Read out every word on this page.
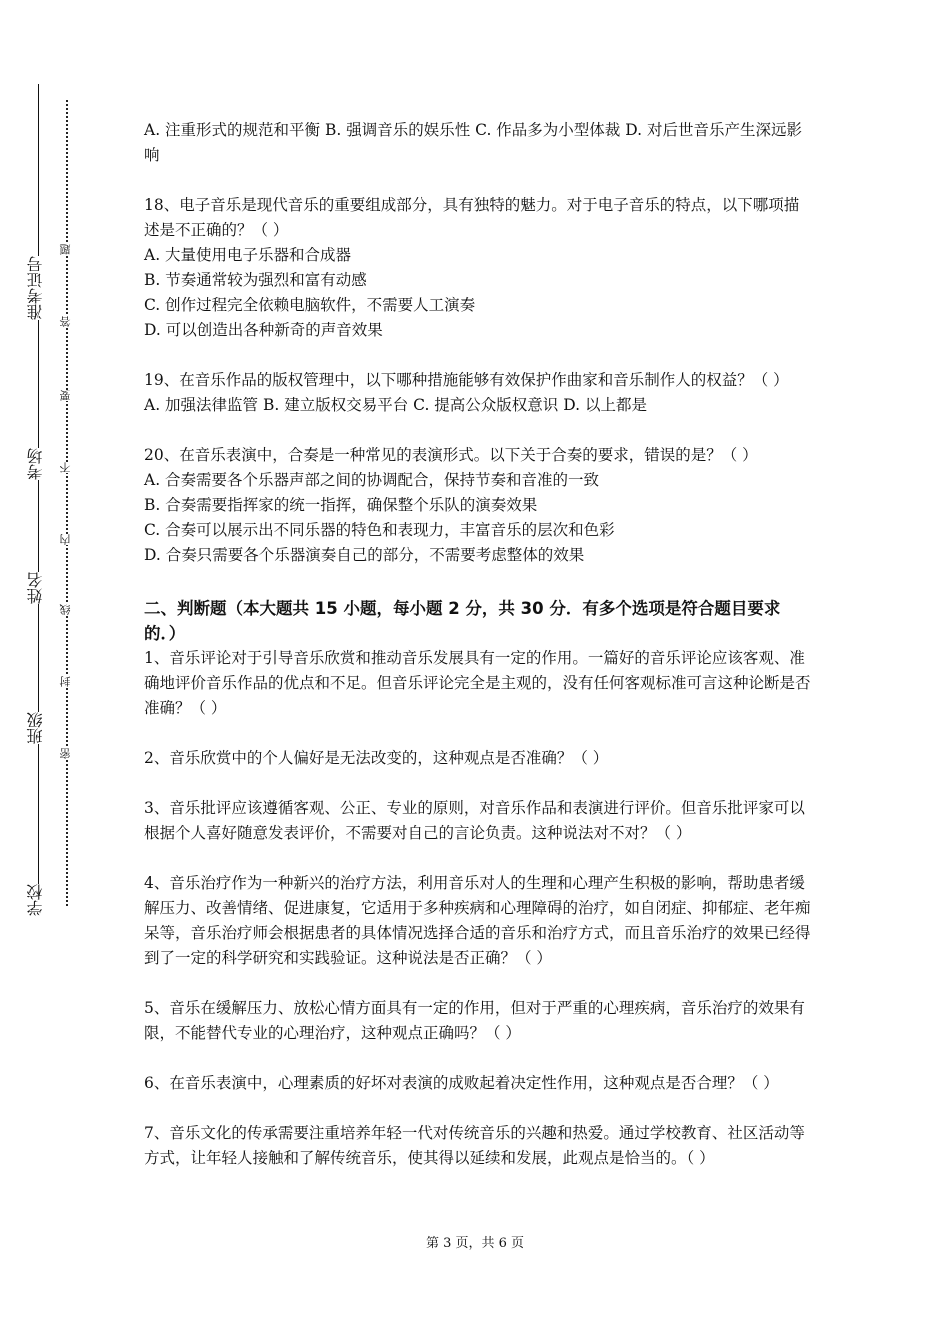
准考证号
考场
姓名
班级
学校
题
答
要
不
内
线
封
密

A. 注重形式的规范和平衡 B. 强调音乐的娱乐性 C. 作品多为小型体裁 D. 对后世音乐产生深远影响

18、电子音乐是现代音乐的重要组成部分，具有独特的魅力。对于电子音乐的特点，以下哪项描述是不正确的？（ ）

A. 大量使用电子乐器和合成器

B. 节奏通常较为强烈和富有动感

C. 创作过程完全依赖电脑软件，不需要人工演奏

D. 可以创造出各种新奇的声音效果

19、在音乐作品的版权管理中，以下哪种措施能够有效保护作曲家和音乐制作人的权益？（ ）

A. 加强法律监管 B. 建立版权交易平台 C. 提高公众版权意识 D. 以上都是

20、在音乐表演中，合奏是一种常见的表演形式。以下关于合奏的要求，错误的是？（ ）

A. 合奏需要各个乐器声部之间的协调配合，保持节奏和音准的一致

B. 合奏需要指挥家的统一指挥，确保整个乐队的演奏效果

C. 合奏可以展示出不同乐器的特色和表现力，丰富音乐的层次和色彩

D. 合奏只需要各个乐器演奏自己的部分，不需要考虑整体的效果

二、判断题（本大题共 15 小题，每小题 2 分，共 30 分．有多个选项是符合题目要求的．）

1、音乐评论对于引导音乐欣赏和推动音乐发展具有一定的作用。一篇好的音乐评论应该客观、准确地评价音乐作品的优点和不足。但音乐评论完全是主观的，没有任何客观标准可言这种论断是否准确？（ ）

2、音乐欣赏中的个人偏好是无法改变的，这种观点是否准确？（ ）

3、音乐批评应该遵循客观、公正、专业的原则，对音乐作品和表演进行评价。但音乐批评家可以根据个人喜好随意发表评价，不需要对自己的言论负责。这种说法对不对？（ ）

4、音乐治疗作为一种新兴的治疗方法，利用音乐对人的生理和心理产生积极的影响，帮助患者缓解压力、改善情绪、促进康复，它适用于多种疾病和心理障碍的治疗，如自闭症、抑郁症、老年痴呆等，音乐治疗师会根据患者的具体情况选择合适的音乐和治疗方式，而且音乐治疗的效果已经得到了一定的科学研究和实践验证。这种说法是否正确？（ ）

5、音乐在缓解压力、放松心情方面具有一定的作用，但对于严重的心理疾病，音乐治疗的效果有限，不能替代专业的心理治疗，这种观点正确吗？（ ）

6、在音乐表演中，心理素质的好坏对表演的成败起着决定性作用，这种观点是否合理？（ ）

7、音乐文化的传承需要注重培养年轻一代对传统音乐的兴趣和热爱。通过学校教育、社区活动等方式，让年轻人接触和了解传统音乐，使其得以延续和发展，此观点是恰当的。（ ）

第 3 页，共 6 页
